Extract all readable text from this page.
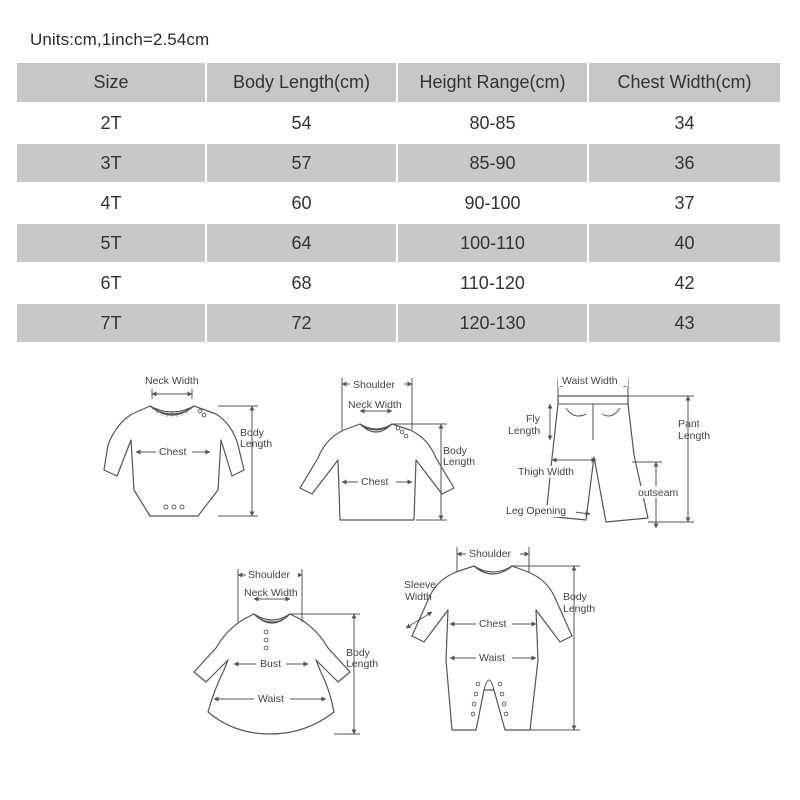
Units:cm,1inch=2.54cm
Size	Body Length(cm)	Height Range(cm)	Chest Width(cm)
2T	54	80-85	34
3T	57	85-90	36
4T	60	90-100	37
5T	64	100-110	40
6T	68	110-120	42
7T	72	120-130	43
Neck Width
Chest
Body
Length
Shoulder
Neck Width
Chest
Body
Length
Waist Width
Fly
Length
Thigh Width
Leg Opening
Pant
Length
outseam
Shoulder
Neck Width
Bust
Waist
Body
Length
Shoulder
Sleeve
Width
Chest
Waist
Body
Length
